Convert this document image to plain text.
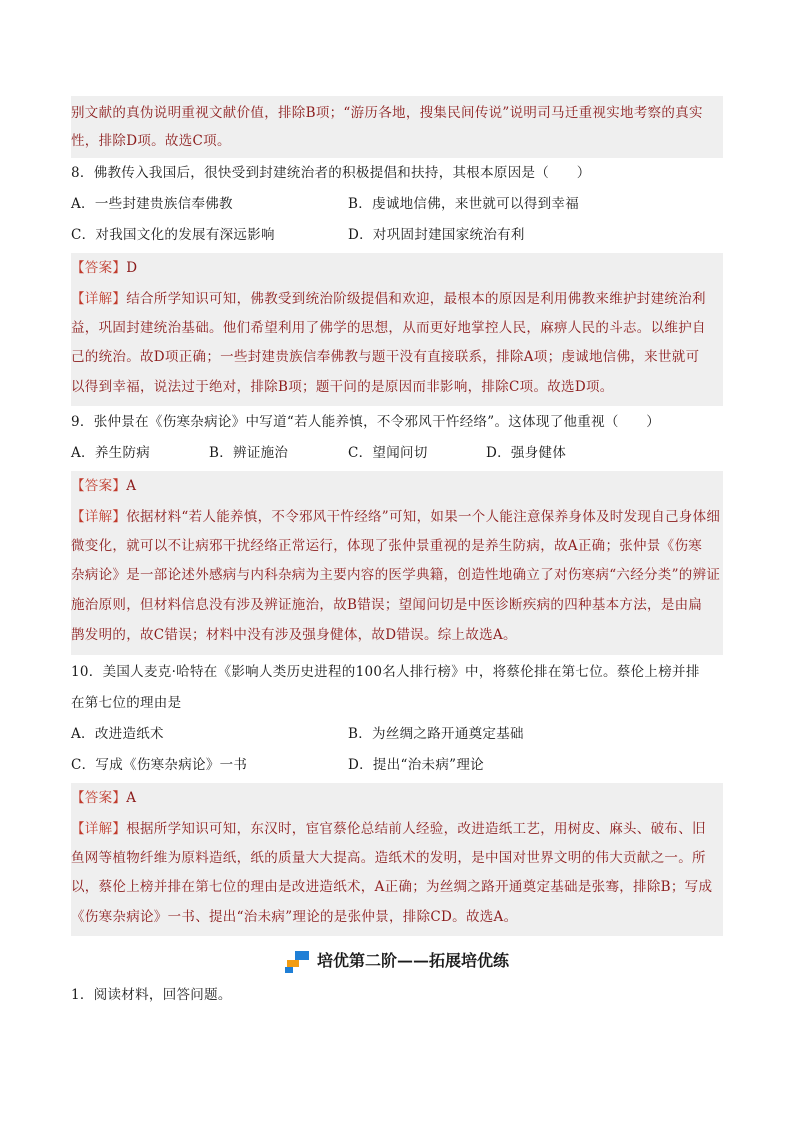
别文献的真伪说明重视文献价值，排除B项；“游历各地，搜集民间传说”说明司马迁重视实地考察的真实
性，排除D项。故选C项。
8．佛教传入我国后，很快受到封建统治者的积极提倡和扶持，其根本原因是（　　）
A．一些封建贵族信奉佛教	B．虔诚地信佛，来世就可以得到幸福
C．对我国文化的发展有深远影响	D．对巩固封建国家统治有利
【答案】D
【详解】结合所学知识可知，佛教受到统治阶级提倡和欢迎，最根本的原因是利用佛教来维护封建统治利
益，巩固封建统治基础。他们希望利用了佛学的思想，从而更好地掌控人民，麻痹人民的斗志。以维护自
己的统治。故D项正确；一些封建贵族信奉佛教与题干没有直接联系，排除A项；虔诚地信佛，来世就可
以得到幸福，说法过于绝对，排除B项；题干问的是原因而非影响，排除C项。故选D项。
9．张仲景在《伤寒杂病论》中写道“若人能养慎，不令邪风干忤经络”。这体现了他重视（　　）
A．养生防病	B．辨证施治	C．望闻问切	D．强身健体
【答案】A
【详解】依据材料“若人能养慎，不令邪风干忤经络”可知，如果一个人能注意保养身体及时发现自己身体细
微变化，就可以不让病邪干扰经络正常运行，体现了张仲景重视的是养生防病，故A正确；张仲景《伤寒
杂病论》是一部论述外感病与内科杂病为主要内容的医学典籍，创造性地确立了对伤寒病“六经分类”的辨证
施治原则，但材料信息没有涉及辨证施治，故B错误；望闻问切是中医诊断疾病的四种基本方法，是由扁
鹊发明的，故C错误；材料中没有涉及强身健体，故D错误。综上故选A。
10．美国人麦克·哈特在《影响人类历史进程的100名人排行榜》中，将蔡伦排在第七位。蔡伦上榜并排
在第七位的理由是
A．改进造纸术	B．为丝绸之路开通奠定基础
C．写成《伤寒杂病论》一书	D．提出“治未病”理论
【答案】A
【详解】根据所学知识可知，东汉时，宦官蔡伦总结前人经验，改进造纸工艺，用树皮、麻头、破布、旧
鱼网等植物纤维为原料造纸，纸的质量大大提高。造纸术的发明，是中国对世界文明的伟大贡献之一。所
以，蔡伦上榜并排在第七位的理由是改进造纸术，A正确；为丝绸之路开通奠定基础是张骞，排除B；写成
《伤寒杂病论》一书、提出“治未病”理论的是张仲景，排除CD。故选A。
培优第二阶——拓展培优练
1．阅读材料，回答问题。
